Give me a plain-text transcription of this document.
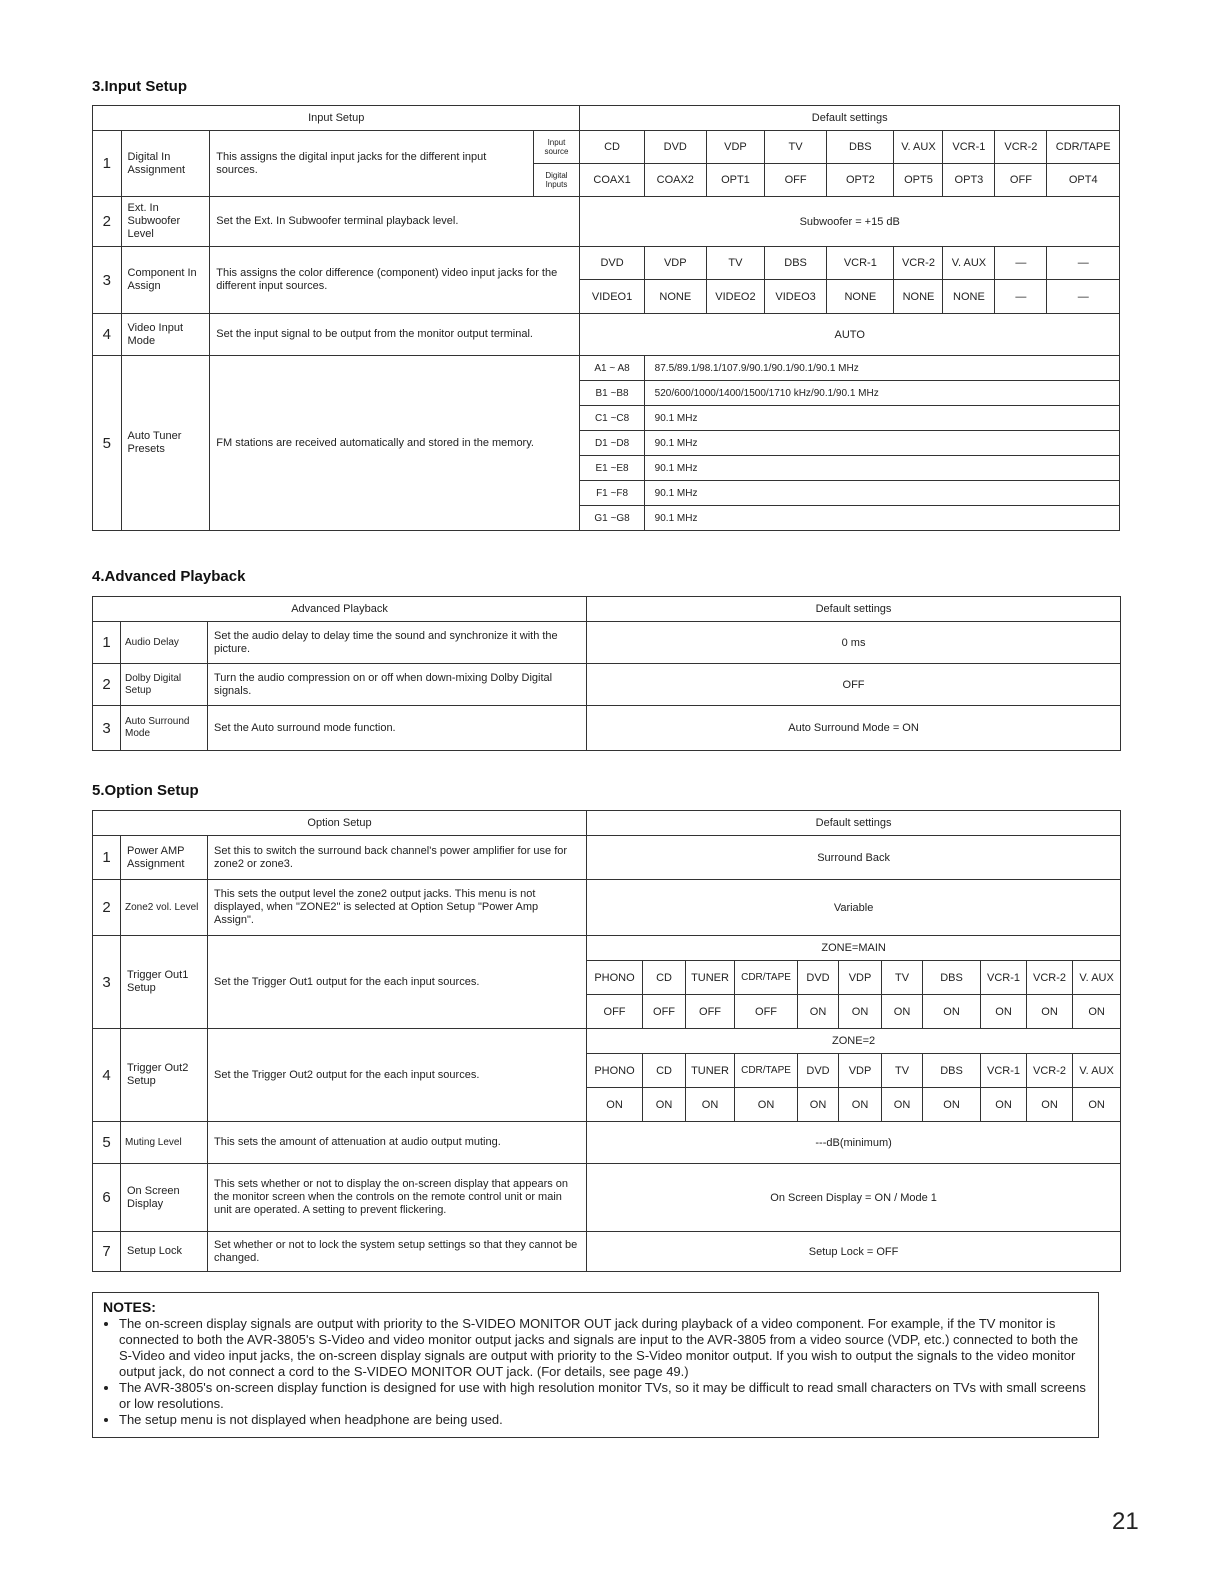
3.Input Setup
Input Setup				Default settings								
1	Digital In Assignment	This assigns the digital input jacks for the different input sources.	Input source	CD	DVD	VDP	TV	DBS	V. AUX	VCR-1	VCR-2	CDR/TAPE
			Digital Inputs	COAX1	COAX2	OPT1	OFF	OPT2	OPT5	OPT3	OFF	OPT4
2	Ext. In Subwoofer Level	Set the Ext. In Subwoofer terminal playback level.		Subwoofer = +15 dB								
3	Component In Assign	This assigns the color difference (component) video input jacks for the different input sources.		DVD	VDP	TV	DBS	VCR-1	VCR-2	V. AUX	—	—
				VIDEO1	NONE	VIDEO2	VIDEO3	NONE	NONE	NONE	—	—
4	Video Input Mode	Set the input signal to be output from the monitor output terminal.		AUTO								
5	Auto Tuner Presets	FM stations are received automatically and stored in the memory.		A1 ~ A8	87.5/89.1/98.1/107.9/90.1/90.1/90.1/90.1 MHz							
				B1 ~B8	520/600/1000/1400/1500/1710 kHz/90.1/90.1 MHz							
				C1 ~C8	90.1 MHz							
				D1 ~D8	90.1 MHz							
				E1 ~E8	90.1 MHz							
				F1 ~F8	90.1 MHz							
				G1 ~G8	90.1 MHz							
4.Advanced Playback
Advanced Playback			Default settings
1	Audio Delay	Set the audio delay to delay time the sound and synchronize it with the picture.	0 ms
2	Dolby Digital Setup	Turn the audio compression on or off when down-mixing Dolby Digital signals.	OFF
3	Auto Surround Mode	Set the Auto surround mode function.	Auto Surround Mode = ON
5.Option Setup
Option Setup			Default settings										
1	Power AMP Assignment	Set this to switch the surround back channel's power amplifier for use for zone2 or zone3.	Surround Back										
2	Zone2 vol. Level	This sets the output level the zone2 output jacks. This menu is not displayed, when "ZONE2" is selected at Option Setup "Power Amp Assign".	Variable										
3	Trigger Out1 Setup	Set the Trigger Out1 output for the each input sources.	ZONE=MAIN										
			PHONO	CD	TUNER	CDR/TAPE	DVD	VDP	TV	DBS	VCR-1	VCR-2	V. AUX
			OFF	OFF	OFF	OFF	ON	ON	ON	ON	ON	ON	ON
4	Trigger Out2 Setup	Set the Trigger Out2 output for the each input sources.	ZONE=2										
			PHONO	CD	TUNER	CDR/TAPE	DVD	VDP	TV	DBS	VCR-1	VCR-2	V. AUX
			ON	ON	ON	ON	ON	ON	ON	ON	ON	ON	ON
5	Muting Level	This sets the amount of attenuation at audio output muting.	---dB(minimum)										
6	On Screen Display	This sets whether or not to display the on-screen display that appears on the monitor screen when the controls on the remote control unit or main unit are operated. A setting to prevent flickering.	On Screen Display = ON / Mode 1										
7	Setup Lock	Set whether or not to lock the system setup settings so that they cannot be changed.	Setup Lock = OFF										
NOTES:
• The on-screen display signals are output with priority to the S-VIDEO MONITOR OUT jack during playback of a video component. For example, if the TV monitor is connected to both the AVR-3805's S-Video and video monitor output jacks and signals are input to the AVR-3805 from a video source (VDP, etc.) connected to both the S-Video and video input jacks, the on-screen display signals are output with priority to the S-Video monitor output. If you wish to output the signals to the video monitor output jack, do not connect a cord to the S-VIDEO MONITOR OUT jack. (For details, see page 49.)
• The AVR-3805's on-screen display function is designed for use with high resolution monitor TVs, so it may be difficult to read small characters on TVs with small screens or low resolutions.
• The setup menu is not displayed when headphone are being used.
21
